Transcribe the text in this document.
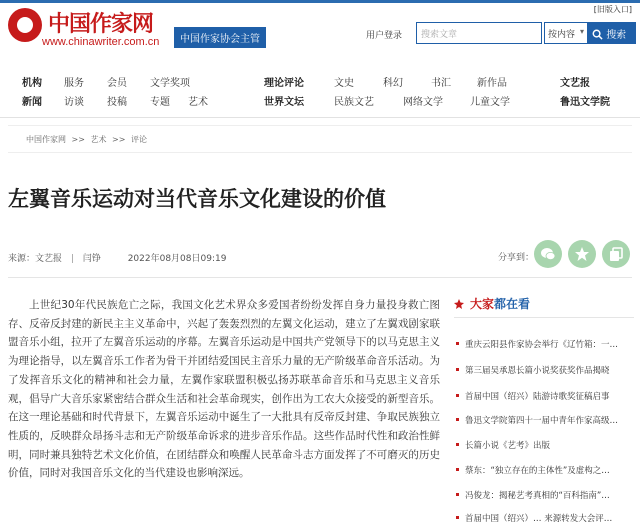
[旧版入口]
中国作家网
www.chinawriter.com.cn	中国作家协会主管	用户登录	搜索文章	按内容 ▾	搜索
机构 服务 会员 文学奖项	理论评论	文史	科幻	书汇	新作品	文艺报
新闻 访谈 投稿 专题 艺术	世界文坛	民族文艺	网络文学	儿童文学	鲁迅文学院
中国作家网 >> 艺术 >> 评论
左翼音乐运动对当代音乐文化建设的价值
来源：文艺报 | 闫铮	2022年08月08日09:19	分享到：
上世纪30年代民族危亡之际，我国文化艺术界众多爱国者纷纷发挥自身力量投身救亡图存、反帝反封建的新民主主义革命中，兴起了轰轰烈烈的左翼文化运动，建立了左翼戏剧家联盟音乐小组，拉开了左翼音乐运动的序幕。左翼音乐运动是中国共产党领导下的以马克思主义为理论指导，以左翼音乐工作者为骨干并团结爱国民主音乐力量的无产阶级革命音乐活动。为了发挥音乐文化的精神和社会力量，左翼作家联盟积极弘扬苏联革命音乐和马克思主义音乐观，倡导广大音乐家紧密结合群众生活和社会革命现实，创作出为工农大众接受的新型音乐。在这一理论基础和时代背景下，左翼音乐运动中诞生了一大批具有反帝反封建、争取民族独立性质的，反映群众昂扬斗志和无产阶级革命诉求的进步音乐作品。这些作品时代性和政治性鲜明，同时兼具独特艺术文化价值，在团结群众和唤醒人民革命斗志方面发挥了不可磨灭的历史价值，同时对我国音乐文化的当代建设也影响深远。
大家都在看
重庆云阳县作家协会举行《辽竹箱：一…
第三届吴承恩长篇小说奖获奖作品揭晓
首届中国（绍兴）陆游诗歌奖征稿启事
鲁迅文学院第四十一届中青年作家高级…
长篇小说《艺考》出版
蔡东：“独立存在的主体性”及虚构之…
冯俊龙：揭秘艺考真相的“百科指南”…
首届中国（绍兴）… 来源转发大会评…
